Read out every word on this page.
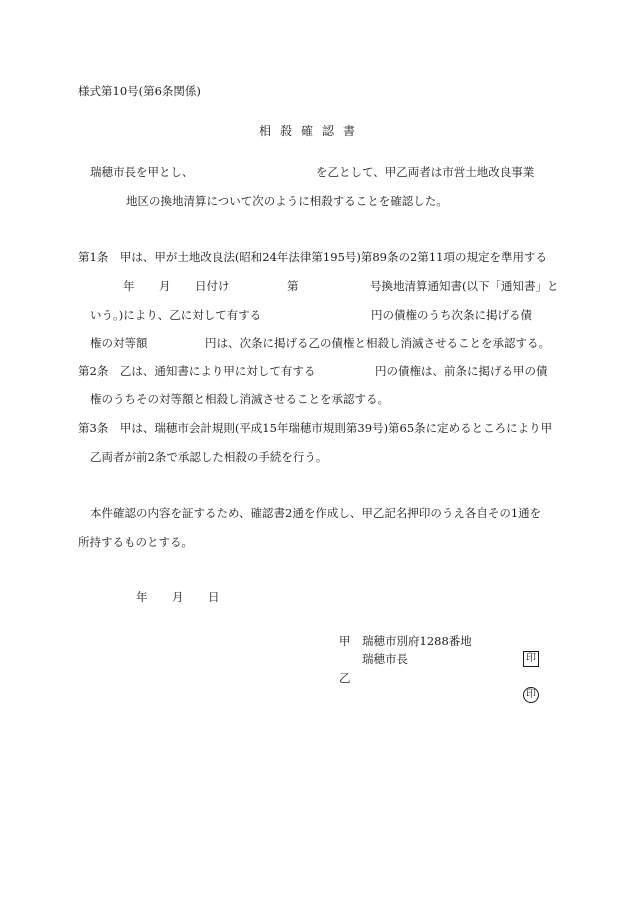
様式第10号(第6条関係)
相殺確認書
瑞穂市長を甲とし、	を乙として、甲乙両者は市営土地改良事業
地区の換地清算について次のように相殺することを確認した。
第1条　甲は、甲が土地改良法(昭和24年法律第195号)第89条の2第11項の規定を準用する
年 月 日付け	第	号換地清算通知書(以下「通知書」と
いう。)により、乙に対して有する	円の債権のうち次条に掲げる債
権の対等額	円は、次条に掲げる乙の債権と相殺し消滅させることを承認する。
第2条　乙は、通知書により甲に対して有する	円の債権は、前条に掲げる甲の債
権のうちその対等額と相殺し消滅させることを承認する。
第3条　甲は、瑞穂市会計規則(平成15年瑞穂市規則第39号)第65条に定めるところにより甲
乙両者が前2条で承認した相殺の手続を行う。
本件確認の内容を証するため、確認書2通を作成し、甲乙記名押印のうえ各自その1通を
所持するものとする。
年 月 日
甲 瑞穂市別府1288番地
瑞穂市長	印
乙
印
